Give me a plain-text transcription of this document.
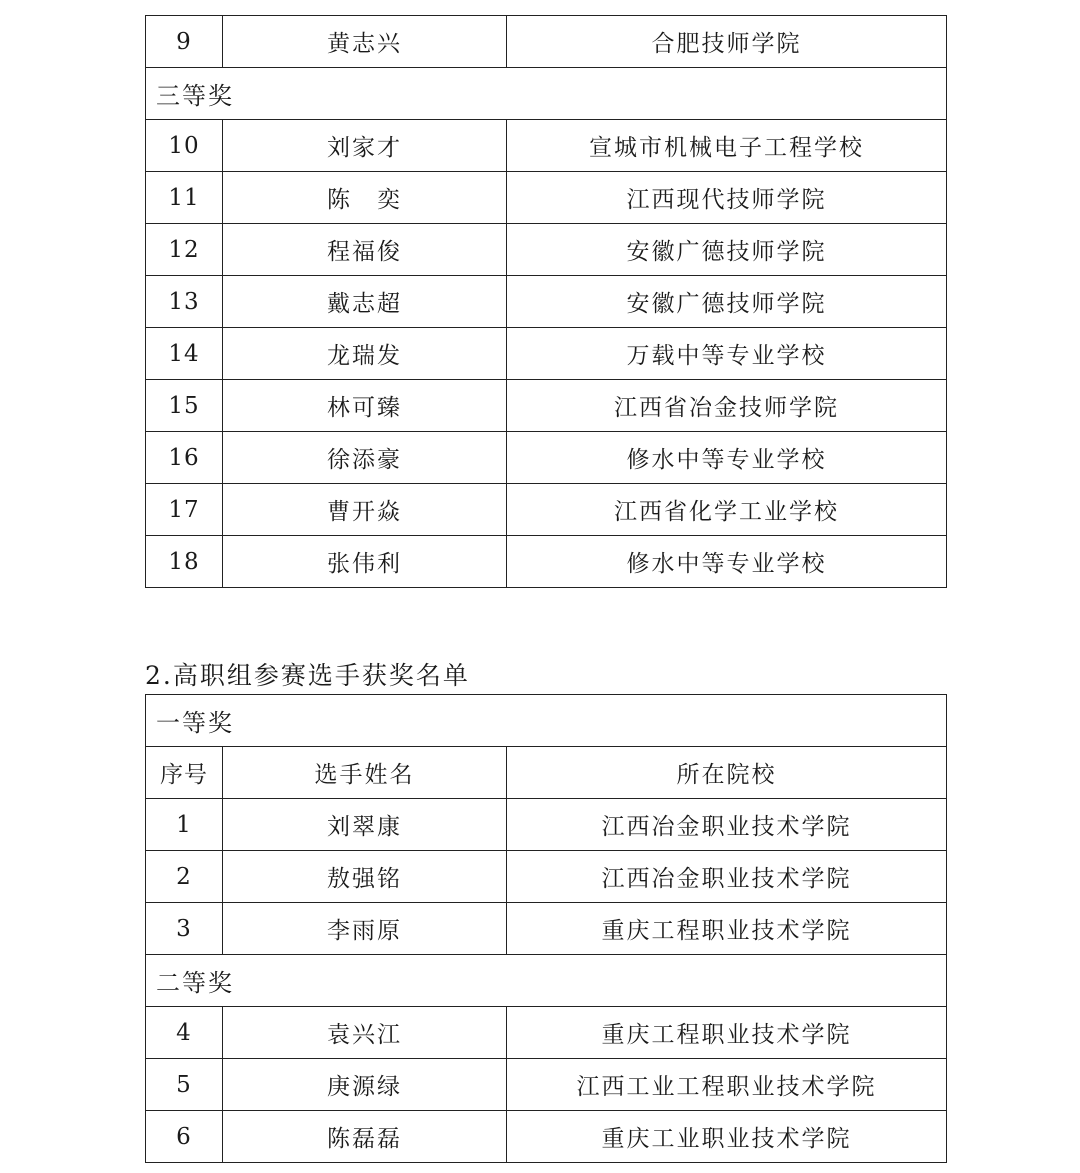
9	黄志兴	合肥技师学院
三等奖		
10	刘家才	宣城市机械电子工程学校
11	陈　奕	江西现代技师学院
12	程福俊	安徽广德技师学院
13	戴志超	安徽广德技师学院
14	龙瑞发	万载中等专业学校
15	林可臻	江西省冶金技师学院
16	徐添豪	修水中等专业学校
17	曹开焱	江西省化学工业学校
18	张伟利	修水中等专业学校
2.高职组参赛选手获奖名单
一等奖		
序号	选手姓名	所在院校
1	刘翠康	江西冶金职业技术学院
2	敖强铭	江西冶金职业技术学院
3	李雨原	重庆工程职业技术学院
二等奖		
4	袁兴江	重庆工程职业技术学院
5	庚源绿	江西工业工程职业技术学院
6	陈磊磊	重庆工业职业技术学院
